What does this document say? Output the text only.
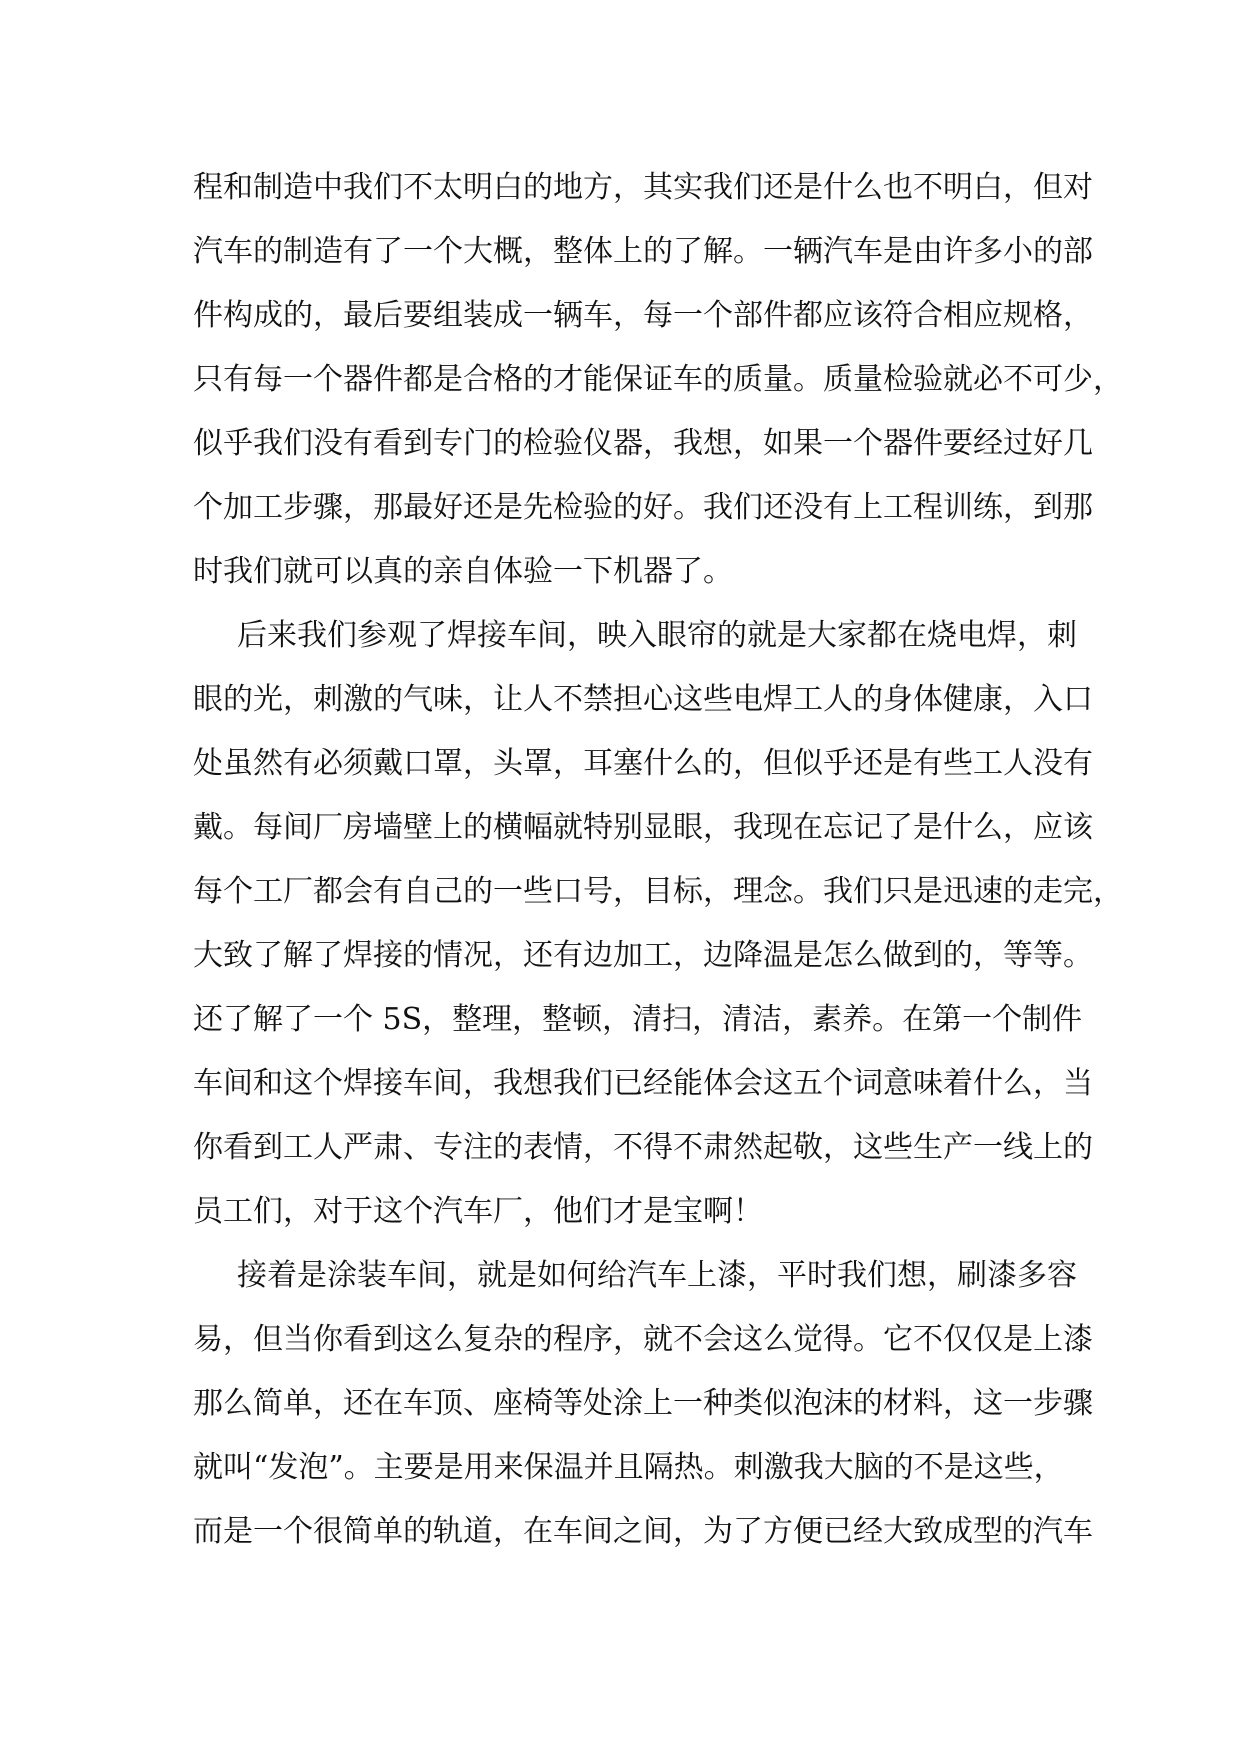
程和制造中我们不太明白的地方，其实我们还是什么也不明白，但对
汽车的制造有了一个大概，整体上的了解。一辆汽车是由许多小的部
件构成的，最后要组装成一辆车，每一个部件都应该符合相应规格，
只有每一个器件都是合格的才能保证车的质量。质量检验就必不可少，
似乎我们没有看到专门的检验仪器，我想，如果一个器件要经过好几
个加工步骤，那最好还是先检验的好。我们还没有上工程训练，到那
时我们就可以真的亲自体验一下机器了。
后来我们参观了焊接车间，映入眼帘的就是大家都在烧电焊，刺
眼的光，刺激的气味，让人不禁担心这些电焊工人的身体健康，入口
处虽然有必须戴口罩，头罩，耳塞什么的，但似乎还是有些工人没有
戴。每间厂房墙壁上的横幅就特别显眼，我现在忘记了是什么，应该
每个工厂都会有自己的一些口号，目标，理念。我们只是迅速的走完，
大致了解了焊接的情况，还有边加工，边降温是怎么做到的，等等。
还了解了一个 5S，整理，整顿，清扫，清洁，素养。在第一个制件
车间和这个焊接车间，我想我们已经能体会这五个词意味着什么，当
你看到工人严肃、专注的表情，不得不肃然起敬，这些生产一线上的
员工们，对于这个汽车厂，他们才是宝啊！
接着是涂装车间，就是如何给汽车上漆，平时我们想，刷漆多容
易，但当你看到这么复杂的程序，就不会这么觉得。它不仅仅是上漆
那么简单，还在车顶、座椅等处涂上一种类似泡沫的材料，这一步骤
就叫“发泡”。主要是用来保温并且隔热。刺激我大脑的不是这些，
而是一个很简单的轨道，在车间之间，为了方便已经大致成型的汽车
